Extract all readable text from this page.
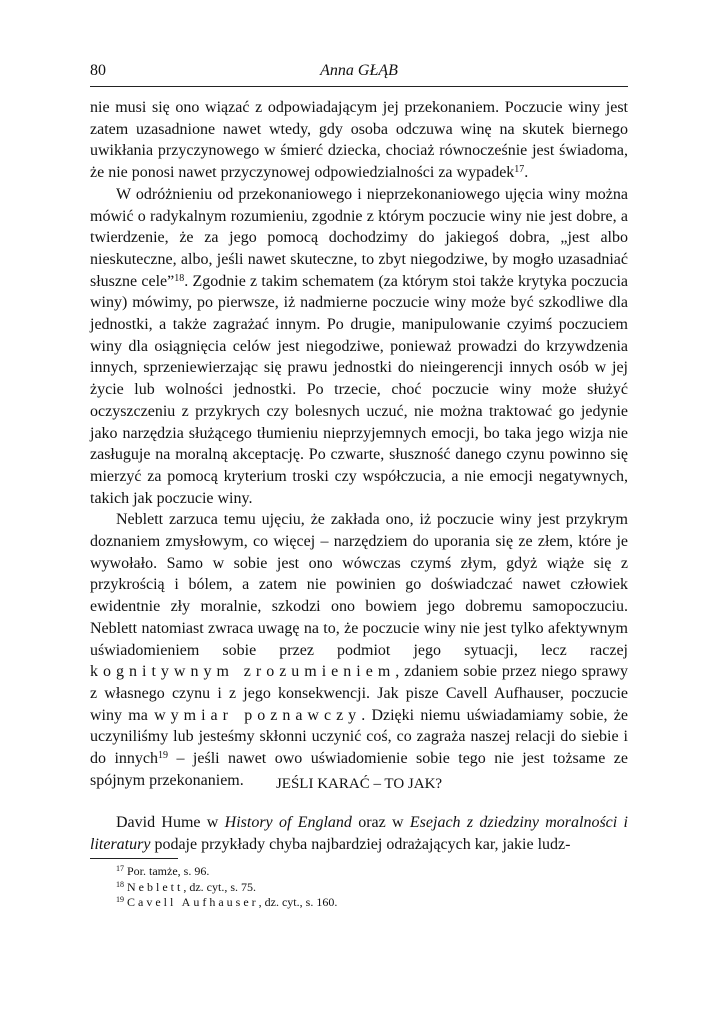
80	Anna GŁĄB

nie musi się ono wiązać z odpowiadającym jej przekonaniem. Poczucie winy jest zatem uzasadnione nawet wtedy, gdy osoba odczuwa winę na skutek biernego uwikłania przyczynowego w śmierć dziecka, chociaż równocześnie jest świadoma, że nie ponosi nawet przyczynowej odpowiedzialności za wypadek$^{17}$.

W odróżnieniu od przekonaniowego i nieprzekonaniowego ujęcia winy można mówić o radykalnym rozumieniu, zgodnie z którym poczucie winy nie jest dobre, a twierdzenie, że za jego pomocą dochodzimy do jakiegoś dobra, „jest albo nieskuteczne, albo, jeśli nawet skuteczne, to zbyt niegodziwe, by mogło uzasadniać słuszne cele”$^{18}$. Zgodnie z takim schematem (za którym stoi także krytyka poczucia winy) mówimy, po pierwsze, iż nadmierne poczucie winy może być szkodliwe dla jednostki, a także zagrażać innym. Po drugie, manipulowanie czyimś poczuciem winy dla osiągnięcia celów jest niegodziwe, ponieważ prowadzi do krzywdzenia innych, sprzeniewierzając się prawu jednostki do nieingerencji innych osób w jej życie lub wolności jednostki. Po trzecie, choć poczucie winy może służyć oczyszczeniu z przykrych czy bolesnych uczuć, nie można traktować go jedynie jako narzędzia służącego tłumieniu nieprzyjemnych emocji, bo taka jego wizja nie zasługuje na moralną akceptację. Po czwarte, słuszność danego czynu powinno się mierzyć za pomocą kryterium troski czy współczucia, a nie emocji negatywnych, takich jak poczucie winy.

Neblett zarzuca temu ujęciu, że zakłada ono, iż poczucie winy jest przykrym doznaniem zmysłowym, co więcej – narzędziem do uporania się ze złem, które je wywołało. Samo w sobie jest ono wówczas czymś złym, gdyż wiąże się z przykrością i bólem, a zatem nie powinien go doświadczać nawet człowiek ewidentnie zły moralnie, szkodzi ono bowiem jego dobremu samopoczuciu. Neblett natomiast zwraca uwagę na to, że poczucie winy nie jest tylko afektywnym uświadomieniem sobie przez podmiot jego sytuacji, lecz raczej kognitywnym zrozumieniem, zdaniem sobie przez niego sprawy z własnego czynu i z jego konsekwencji. Jak pisze Cavell Aufhauser, poczucie winy ma wymiar poznawczy. Dzięki niemu uświadamiamy sobie, że uczyniliśmy lub jesteśmy skłonni uczynić coś, co zagraża naszej relacji do siebie i do innych$^{19}$ – jeśli nawet owo uświadomienie sobie tego nie jest tożsame ze spójnym przekonaniem.	JEŚLI KARAĆ – TO JAK?

David Hume w History of England oraz w Esejach z dziedziny moralności i literatury podaje przykłady chyba najbardziej odrażających kar, jakie ludz-

$^{17}$ Por. tamże, s. 96.
$^{18}$ Neblett, dz. cyt., s. 75.
$^{19}$ Cavell Aufhauser, dz. cyt., s. 160.
